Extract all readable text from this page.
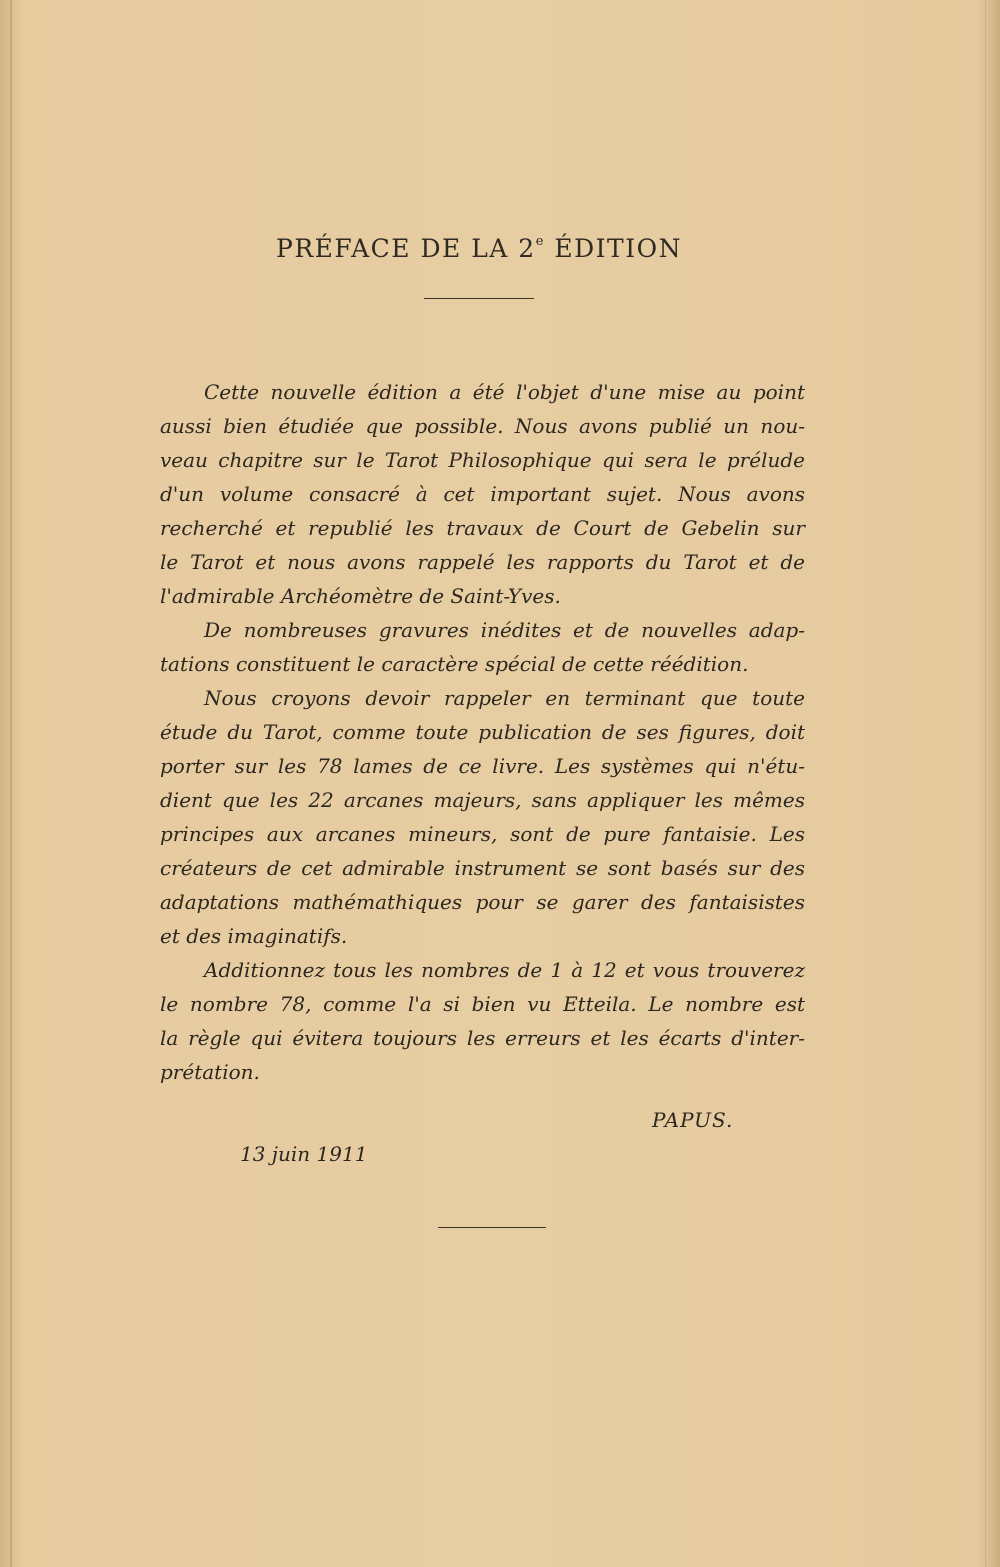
PRÉFACE DE LA 2e ÉDITION
Cette nouvelle édition a été l'objet d'une mise au point
aussi bien étudiée que possible. Nous avons publié un nou-
veau chapitre sur le Tarot Philosophique qui sera le prélude
d'un volume consacré à cet important sujet. Nous avons
recherché et republié les travaux de Court de Gebelin sur
le Tarot et nous avons rappelé les rapports du Tarot et de
l'admirable Archéomètre de Saint-Yves.
De nombreuses gravures inédites et de nouvelles adap-
tations constituent le caractère spécial de cette réédition.
Nous croyons devoir rappeler en terminant que toute
étude du Tarot, comme toute publication de ses figures, doit
porter sur les 78 lames de ce livre. Les systèmes qui n'étu-
dient que les 22 arcanes majeurs, sans appliquer les mêmes
principes aux arcanes mineurs, sont de pure fantaisie. Les
créateurs de cet admirable instrument se sont basés sur des
adaptations mathémathiques pour se garer des fantaisistes
et des imaginatifs.
Additionnez tous les nombres de 1 à 12 et vous trouverez
le nombre 78, comme l'a si bien vu Etteila. Le nombre est
la règle qui évitera toujours les erreurs et les écarts d'inter-
prétation.
PAPUS.
13 juin 1911
